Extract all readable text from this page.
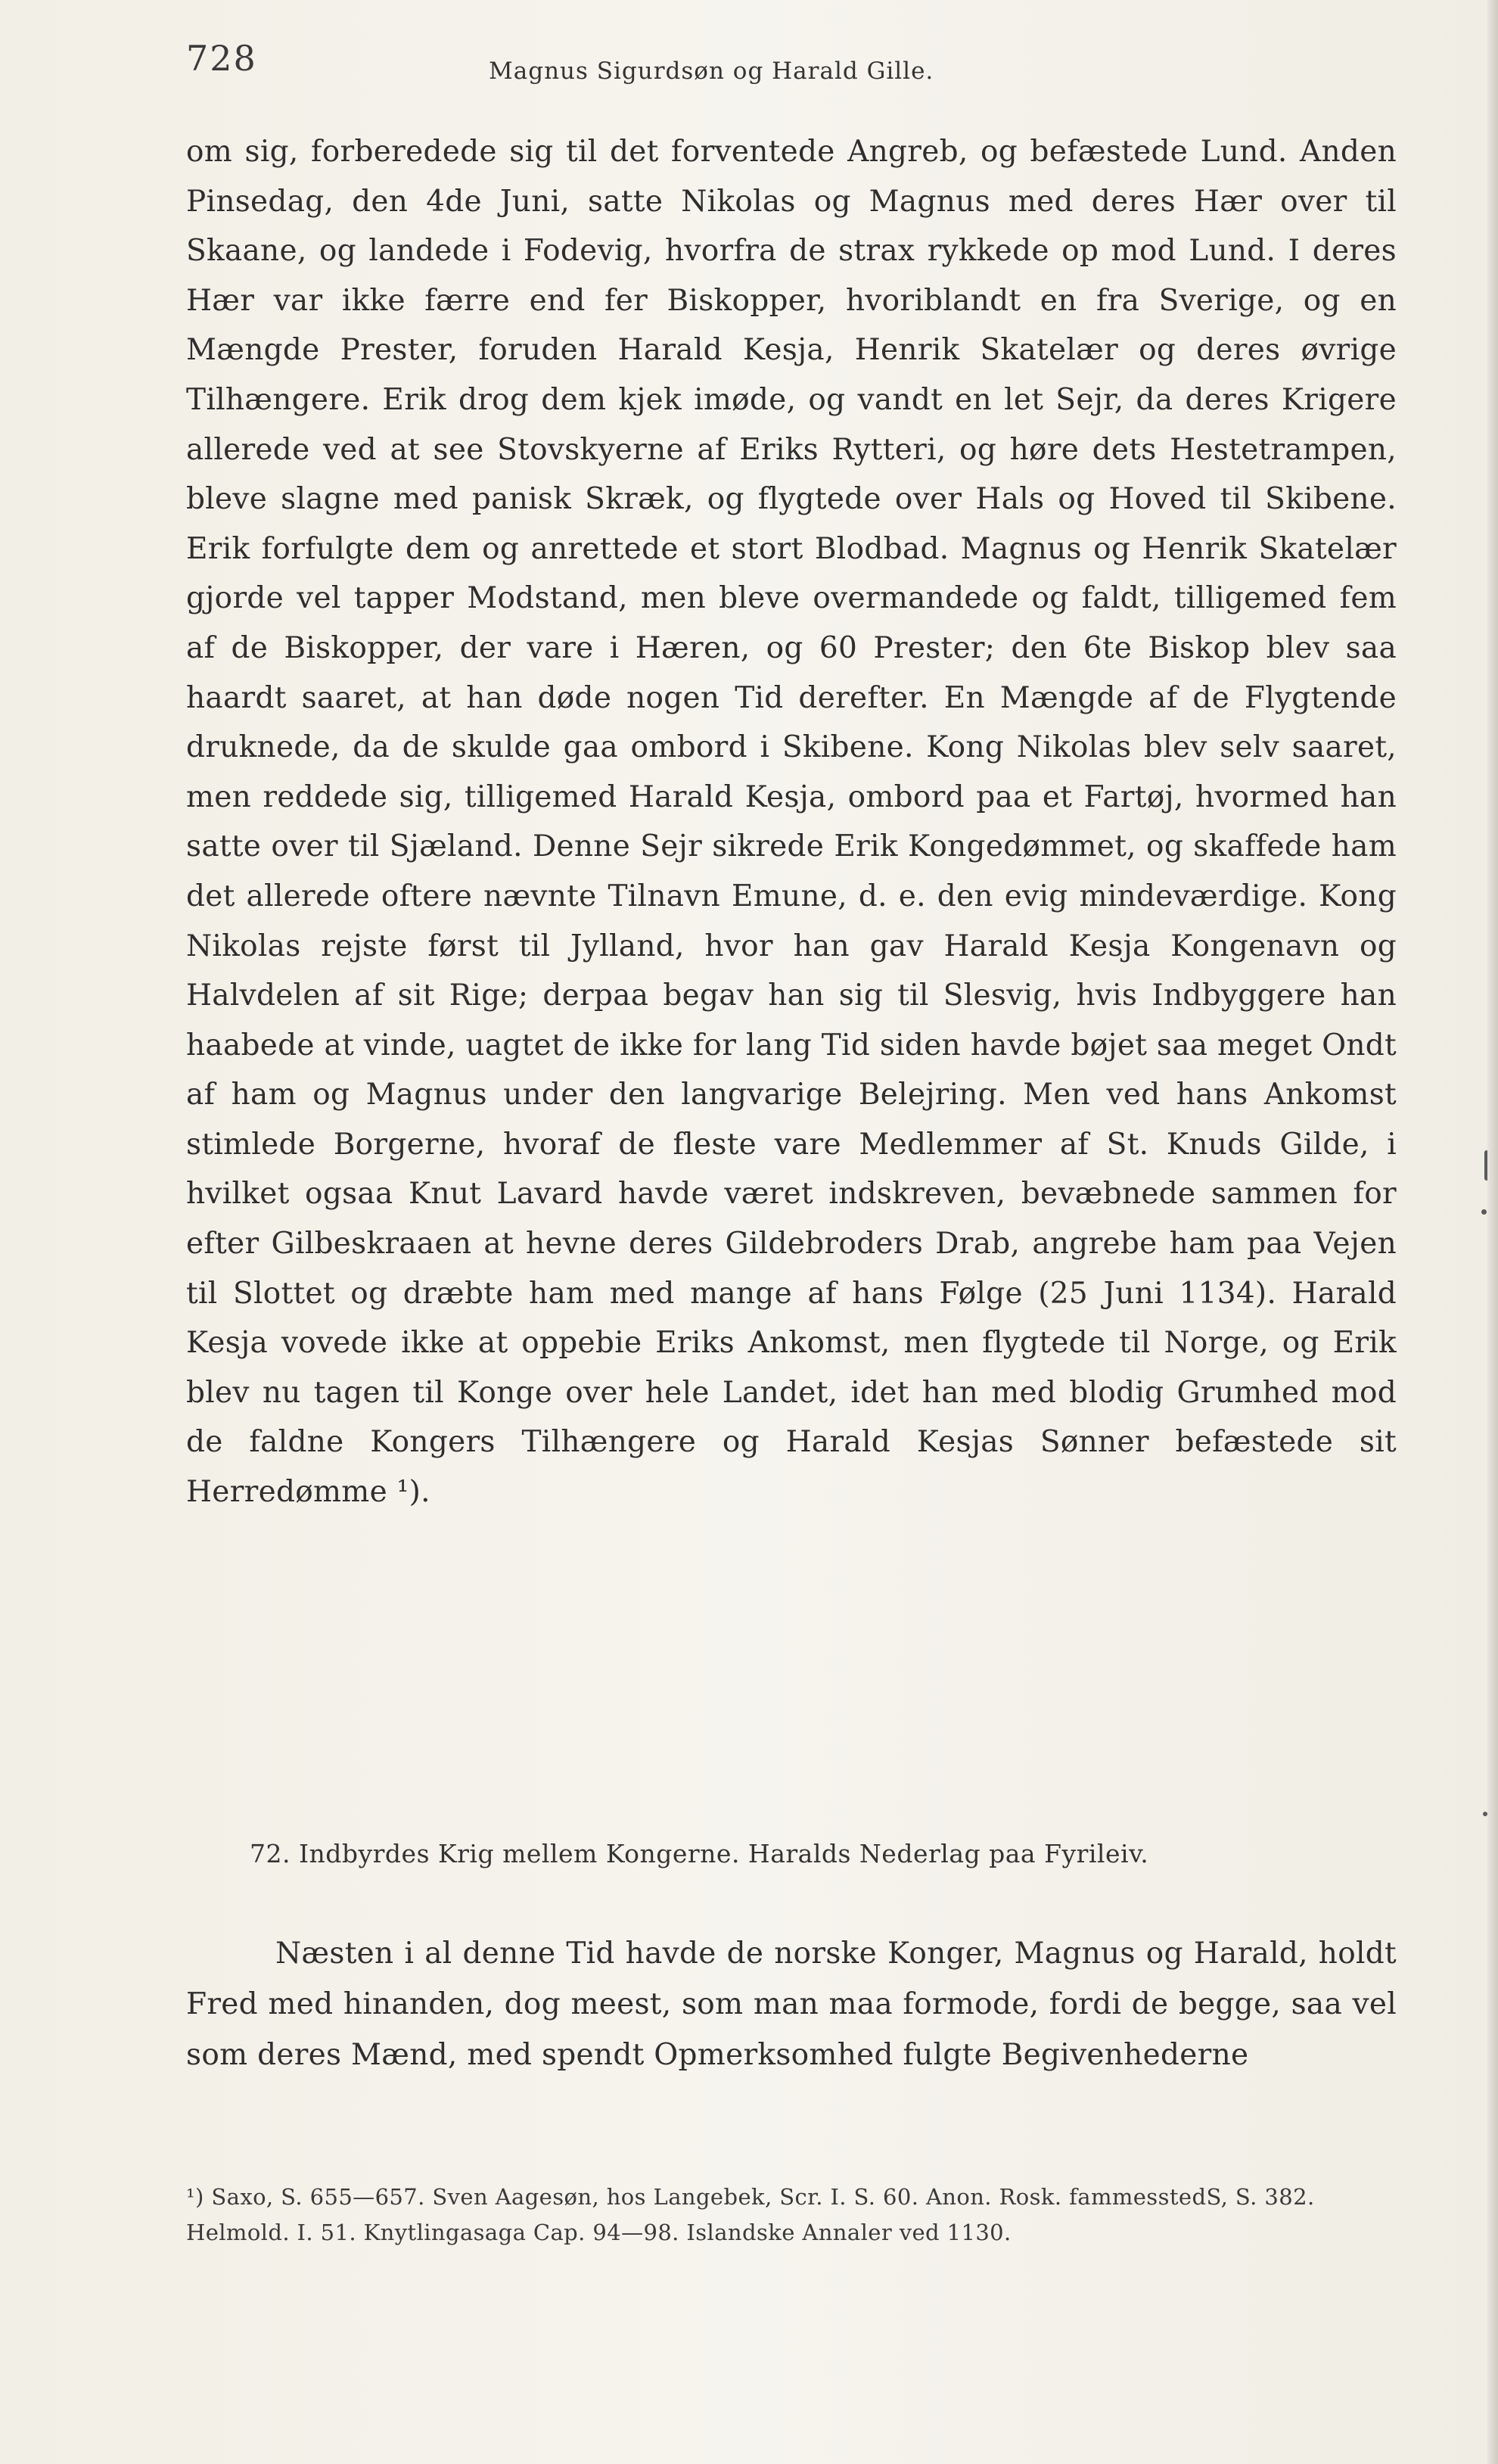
728	Magnus Sigurdsøn og Harald Gille.

om sig, forberedede sig til det forventede Angreb, og befæstede Lund. Anden Pinsedag, den 4de Juni, satte Nikolas og Magnus med deres Hær over til Skaane, og landede i Fodevig, hvorfra de strax rykkede op mod Lund. I deres Hær var ikke færre end fer Biskopper, hvoriblandt en fra Sverige, og en Mængde Prester, foruden Harald Kesja, Henrik Skatelær og deres øvrige Tilhængere. Erik drog dem kjek imøde, og vandt en let Sejr, da deres Krigere allerede ved at see Stovskyerne af Eriks Rytteri, og høre dets Hestetrampen, bleve slagne med panisk Skræk, og flygtede over Hals og Hoved til Skibene. Erik forfulgte dem og anrettede et stort Blodbad. Magnus og Henrik Skatelær gjorde vel tapper Modstand, men bleve overmandede og faldt, tilligemed fem af de Biskopper, der vare i Hæren, og 60 Prester; den 6te Biskop blev saa haardt saaret, at han døde nogen Tid derefter. En Mængde af de Flygtende druknede, da de skulde gaa ombord i Skibene. Kong Nikolas blev selv saaret, men reddede sig, tilligemed Harald Kesja, ombord paa et Fartøj, hvormed han satte over til Sjæland. Denne Sejr sikrede Erik Kongedømmet, og skaffede ham det allerede oftere nævnte Tilnavn Emune, d. e. den evig mindeværdige. Kong Nikolas rejste først til Jylland, hvor han gav Harald Kesja Kongenavn og Halvdelen af sit Rige; derpaa begav han sig til Slesvig, hvis Indbyggere han haabede at vinde, uagtet de ikke for lang Tid siden havde bøjet saa meget Ondt af ham og Magnus under den langvarige Belejring. Men ved hans Ankomst stimlede Borgerne, hvoraf de fleste vare Medlemmer af St. Knuds Gilde, i hvilket ogsaa Knut Lavard havde været indskreven, bevæbnede sammen for efter Gilbeskraaen at hevne deres Gildebroders Drab, angrebe ham paa Vejen til Slottet og dræbte ham med mange af hans Følge (25 Juni 1134). Harald Kesja vovede ikke at oppebie Eriks Ankomst, men flygtede til Norge, og Erik blev nu tagen til Konge over hele Landet, idet han med blodig Grumhed mod de faldne Kongers Tilhængere og Harald Kesjas Sønner befæstede sit Herredømme ¹).

72. Indbyrdes Krig mellem Kongerne. Haralds Nederlag paa Fyrileiv.
Næsten i al denne Tid havde de norske Konger, Magnus og Harald, holdt Fred med hinanden, dog meest, som man maa formode, fordi de begge, saa vel som deres Mænd, med spendt Opmerksomhed fulgte Begivenhederne
¹) Saxo, S. 655—657. Sven Aagesøn, hos Langebek, Scr. I. S. 60. Anon. Rosk. fammesstedS, S. 382. Helmold. I. 51. Knytlingasaga Cap. 94—98. Islandske Annaler ved 1130.
